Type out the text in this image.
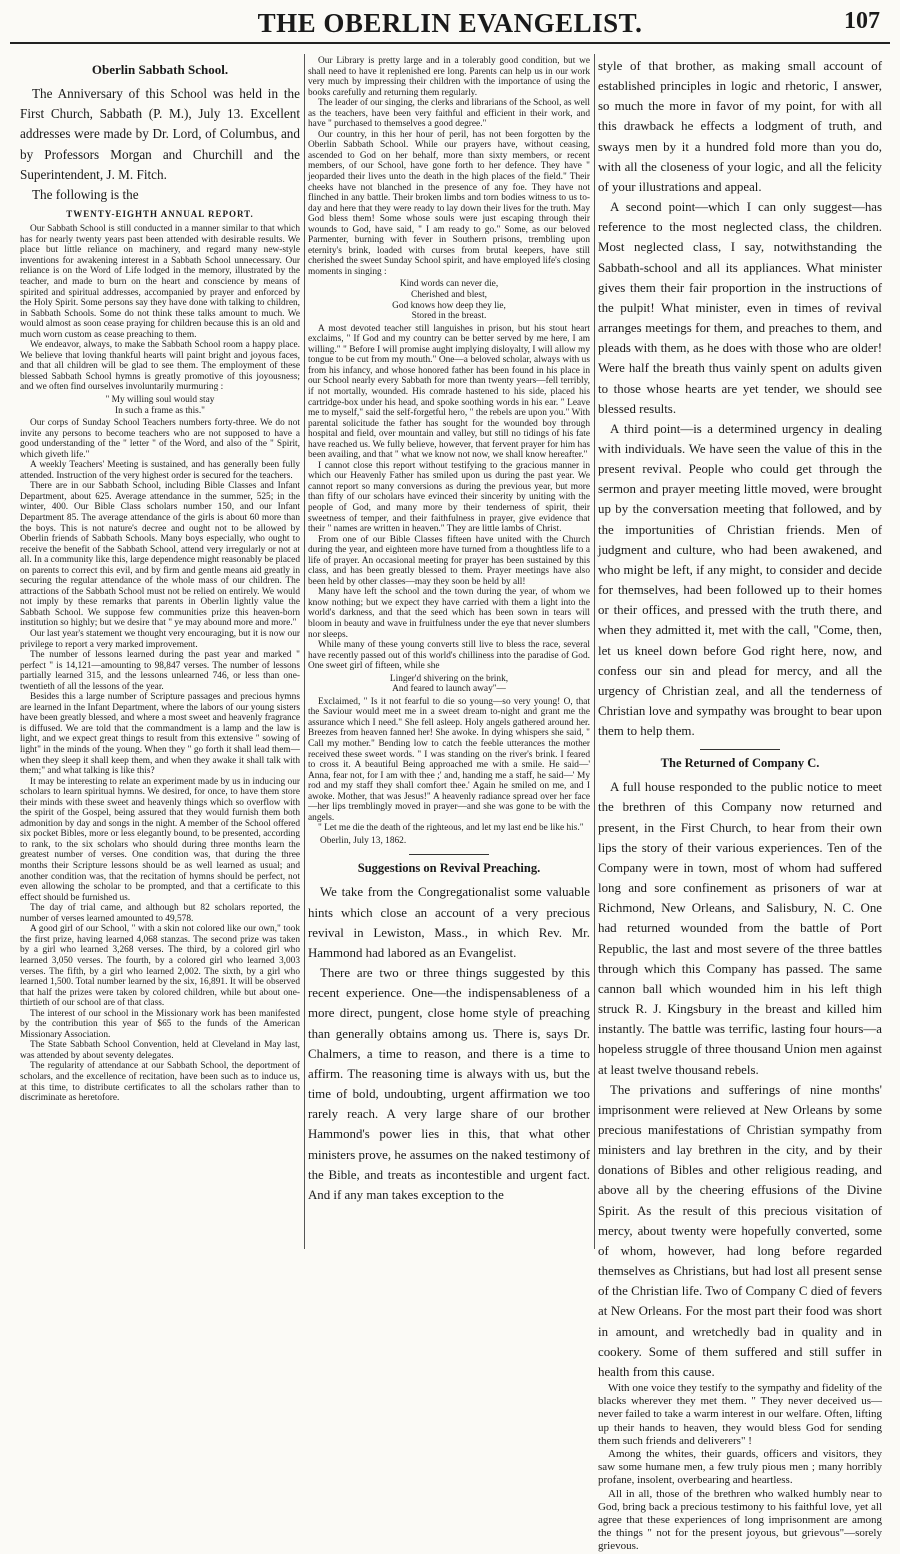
THE OBERLIN EVANGELIST.	107
Oberlin Sabbath School.

The Anniversary of this School was held in the First Church, Sabbath (P. M.), July 13. Excellent addresses were made by Dr. Lord, of Columbus, and by Professors Morgan and Churchill and the Superintendent, J. M. Fitch.

The following is the

TWENTY-EIGHTH ANNUAL REPORT.

Our Sabbath School is still conducted in a manner similar to that which has for nearly twenty years past been attended with desirable results. We place but little reliance on machinery, and regard many new-style inventions for awakening interest in a Sabbath School unnecessary. Our reliance is on the Word of Life lodged in the memory, illustrated by the teacher, and made to burn on the heart and conscience by means of spirited and spiritual addresses, accompanied by prayer and enforced by the Holy Spirit. Some persons say they have done with talking to children, in Sabbath Schools. Some do not think these talks amount to much. We would almost as soon cease praying for children because this is an old and much worn custom as cease preaching to them.

We endeavor, always, to make the Sabbath School room a happy place. We believe that loving thankful hearts will paint bright and joyous faces, and that all children will be glad to see them. The employment of these blessed Sabbath School hymns is greatly promotive of this joyousness; and we often find ourselves involuntarily murmuring :

" My willing soul would stay
In such a frame as this."

Our corps of Sunday School Teachers numbers forty-three. We do not invite any persons to become teachers who are not supposed to have a good understanding of the " letter " of the Word, and also of the " Spirit, which giveth life."

A weekly Teachers' Meeting is sustained, and has generally been fully attended. Instruction of the very highest order is secured for the teachers.

There are in our Sabbath School, including Bible Classes and Infant Department, about 625. Average attendance in the summer, 525; in the winter, 400. Our Bible Class scholars number 150, and our Infant Department 85. The average attendance of the girls is about 60 more than the boys. This is not nature's decree and ought not to be allowed by Oberlin friends of Sabbath Schools. Many boys especially, who ought to receive the benefit of the Sabbath School, attend very irregularly or not at all. In a community like this, large dependence might reasonably be placed on parents to correct this evil, and by firm and gentle means aid greatly in securing the regular attendance of the whole mass of our children. The attractions of the Sabbath School must not be relied on entirely. We would not imply by these remarks that parents in Oberlin lightly value the Sabbath School. We suppose few communities prize this heaven-born institution so highly; but we desire that " ye may abound more and more."

Our last year's statement we thought very encouraging, but it is now our privilege to report a very marked improvement.

The number of lessons learned during the past year and marked " perfect " is 14,121—amounting to 98,847 verses. The number of lessons partially learned 315, and the lessons unlearned 746, or less than one-twentieth of all the lessons of the year.

Besides this a large number of Scripture passages and precious hymns are learned in the Infant Department, where the labors of our young sisters have been greatly blessed, and where a most sweet and heavenly fragrance is diffused. We are told that the commandment is a lamp and the law is light, and we expect great things to result from this extensive " sowing of light" in the minds of the young. When they " go forth it shall lead them—when they sleep it shall keep them, and when they awake it shall talk with them;" and what talking is like this?

It may be interesting to relate an experiment made by us in inducing our scholars to learn spiritual hymns. We desired, for once, to have them store their minds with these sweet and heavenly things which so overflow with the spirit of the Gospel, being assured that they would furnish them both admonition by day and songs in the night. A member of the School offered six pocket Bibles, more or less elegantly bound, to be presented, according to rank, to the six scholars who should during three months learn the greatest number of verses. One condition was, that during the three months their Scripture lessons should be as well learned as usual; and another condition was, that the recitation of hymns should be perfect, not even allowing the scholar to be prompted, and that a certificate to this effect should be furnished us.

The day of trial came, and although but 82 scholars reported, the number of verses learned amounted to 49,578.

A good girl of our School, " with a skin not colored like our own," took the first prize, having learned 4,068 stanzas. The second prize was taken by a girl who learned 3,268 verses. The third, by a colored girl who learned 3,050 verses. The fourth, by a colored girl who learned 3,003 verses. The fifth, by a girl who learned 2,002. The sixth, by a girl who learned 1,500. Total number learned by the six, 16,891. It will be observed that half the prizes were taken by colored children, while but about one-thirtieth of our school are of that class.

The interest of our school in the Missionary work has been manifested by the contribution this year of $65 to the funds of the American Missionary Association.

The State Sabbath School Convention, held at Cleveland in May last, was attended by about seventy delegates.

The regularity of attendance at our Sabbath School, the deportment of scholars, and the excellence of recitation, have been such as to induce us, at this time, to distribute certificates to all the scholars rather than to discriminate as heretofore.

Our Library is pretty large and in a tolerably good condition, but we shall need to have it replenished ere long. Parents can help us in our work very much by impressing their children with the importance of using the books carefully and returning them regularly.

The leader of our singing, the clerks and librarians of the School, as well as the teachers, have been very faithful and efficient in their work, and have " purchased to themselves a good degree."

Our country, in this her hour of peril, has not been forgotten by the Oberlin Sabbath School. While our prayers have, without ceasing, ascended to God on her behalf, more than sixty members, or recent members, of our School, have gone forth to her defence. They have " jeoparded their lives unto the death in the high places of the field." Their cheeks have not blanched in the presence of any foe. They have not flinched in any battle. Their broken limbs and torn bodies witness to us to-day and here that they were ready to lay down their lives for the truth. May God bless them! Some whose souls were just escaping through their wounds to God, have said, " I am ready to go." Some, as our beloved Parmenter, burning with fever in Southern prisons, trembling upon eternity's brink, loaded with curses from brutal keepers, have still cherished the sweet Sunday School spirit, and have employed life's closing moments in singing :

Kind words can never die,
Cherished and blest,
God knows how deep they lie,
Stored in the breast.

A most devoted teacher still languishes in prison, but his stout heart exclaims, " If God and my country can be better served by me here, I am willing." " Before I will promise aught implying disloyalty, I will allow my tongue to be cut from my mouth." One—a beloved scholar, always with us from his infancy, and whose honored father has been found in his place in our School nearly every Sabbath for more than twenty years—fell terribly, if not mortally, wounded. His comrade hastened to his side, placed his cartridge-box under his head, and spoke soothing words in his ear. " Leave me to myself," said the self-forgetful hero, " the rebels are upon you." With parental solicitude the father has sought for the wounded boy through hospital and field, over mountain and valley, but still no tidings of his fate have reached us. We fully believe, however, that fervent prayer for him has been availing, and that " what we know not now, we shall know hereafter."

I cannot close this report without testifying to the gracious manner in which our Heavenly Father has smiled upon us during the past year. We cannot report so many conversions as during the previous year, but more than fifty of our scholars have evinced their sincerity by uniting with the people of God, and many more by their tenderness of spirit, their sweetness of temper, and their faithfulness in prayer, give evidence that their " names are written in heaven." They are little lambs of Christ.

From one of our Bible Classes fifteen have united with the Church during the year, and eighteen more have turned from a thoughtless life to a life of prayer. An occasional meeting for prayer has been sustained by this class, and has been greatly blessed to them. Prayer meetings have also been held by other classes—may they soon be held by all!

Many have left the school and the town during the year, of whom we know nothing; but we expect they have carried with them a light into the world's darkness, and that the seed which has been sown in tears will bloom in beauty and wave in fruitfulness under the eye that never slumbers nor sleeps.

While many of these young converts still live to bless the race, several have recently passed out of this world's chilliness into the paradise of God. One sweet girl of fifteen, while she

Linger'd shivering on the brink,
And feared to launch away"—

Exclaimed, " Is it not fearful to die so young—so very young! O, that the Saviour would meet me in a sweet dream to-night and grant me the assurance which I need." She fell asleep. Holy angels gathered around her. Breezes from heaven fanned her! She awoke. In dying whispers she said, " Call my mother." Bending low to catch the feeble utterances the mother received these sweet words. " I was standing on the river's brink. I feared to cross it. A beautiful Being approached me with a smile. He said—' Anna, fear not, for I am with thee ;' and, handing me a staff, he said—' My rod and my staff they shall comfort thee.' Again he smiled on me, and I awoke. Mother, that was Jesus!" A heavenly radiance spread over her face—her lips tremblingly moved in prayer—and she was gone to be with the angels.

" Let me die the death of the righteous, and let my last end be like his."

Oberlin, July 13, 1862.

Suggestions on Revival Preaching.

We take from the Congregationalist some valuable hints which close an account of a very precious revival in Lewiston, Mass., in which Rev. Mr. Hammond had labored as an Evangelist.

There are two or three things suggested by this recent experience. One—the indispensableness of a more direct, pungent, close home style of preaching than generally obtains among us. There is, says Dr. Chalmers, a time to reason, and there is a time to affirm. The reasoning time is always with us, but the time of bold, undoubting, urgent affirmation we too rarely reach. A very large share of our brother Hammond's power lies in this, that what other ministers prove, he assumes on the naked testimony of the Bible, and treats as incontestible and urgent fact. And if any man takes exception to the

style of that brother, as making small account of established principles in logic and rhetoric, I answer, so much the more in favor of my point, for with all this drawback he effects a lodgment of truth, and sways men by it a hundred fold more than you do, with all the closeness of your logic, and all the felicity of your illustrations and appeal.

A second point—which I can only suggest—has reference to the most neglected class, the children. Most neglected class, I say, notwithstanding the Sabbath-school and all its appliances. What minister gives them their fair proportion in the instructions of the pulpit! What minister, even in times of revival arranges meetings for them, and preaches to them, and pleads with them, as he does with those who are older! Were half the breath thus vainly spent on adults given to those whose hearts are yet tender, we should see blessed results.

A third point—is a determined urgency in dealing with individuals. We have seen the value of this in the present revival. People who could get through the sermon and prayer meeting little moved, were brought up by the conversation meeting that followed, and by the importunities of Christian friends. Men of judgment and culture, who had been awakened, and who might be left, if any might, to consider and decide for themselves, had been followed up to their homes or their offices, and pressed with the truth there, and when they admitted it, met with the call, "Come, then, let us kneel down before God right here, now, and confess our sin and plead for mercy, and all the urgency of Christian zeal, and all the tenderness of Christian love and sympathy was brought to bear upon them to help them.

The Returned of Company C.

A full house responded to the public notice to meet the brethren of this Company now returned and present, in the First Church, to hear from their own lips the story of their various experiences. Ten of the Company were in town, most of whom had suffered long and sore confinement as prisoners of war at Richmond, New Orleans, and Salisbury, N. C. One had returned wounded from the battle of Port Republic, the last and most severe of the three battles through which this Company has passed. The same cannon ball which wounded him in his left thigh struck R. J. Kingsbury in the breast and killed him instantly. The battle was terrific, lasting four hours—a hopeless struggle of three thousand Union men against at least twelve thousand rebels.

The privations and sufferings of nine months' imprisonment were relieved at New Orleans by some precious manifestations of Christian sympathy from ministers and lay brethren in the city, and by their donations of Bibles and other religious reading, and above all by the cheering effusions of the Divine Spirit. As the result of this precious visitation of mercy, about twenty were hopefully converted, some of whom, however, had long before regarded themselves as Christians, but had lost all present sense of the Christian life. Two of Company C died of fevers at New Orleans. For the most part their food was short in amount, and wretchedly bad in quality and in cookery. Some of them suffered and still suffer in health from this cause.

With one voice they testify to the sympathy and fidelity of the blacks wherever they met them. " They never deceived us—never failed to take a warm interest in our welfare. Often, lifting up their hands to heaven, they would bless God for sending them such friends and deliverers" !

Among the whites, their guards, officers and visitors, they saw some humane men, a few truly pious men ; many horribly profane, insolent, overbearing and heartless.

All in all, those of the brethren who walked humbly near to God, bring back a precious testimony to his faithful love, yet all agree that these experiences of long imprisonment are among the things " not for the present joyous, but grievous"—sorely grievous.
